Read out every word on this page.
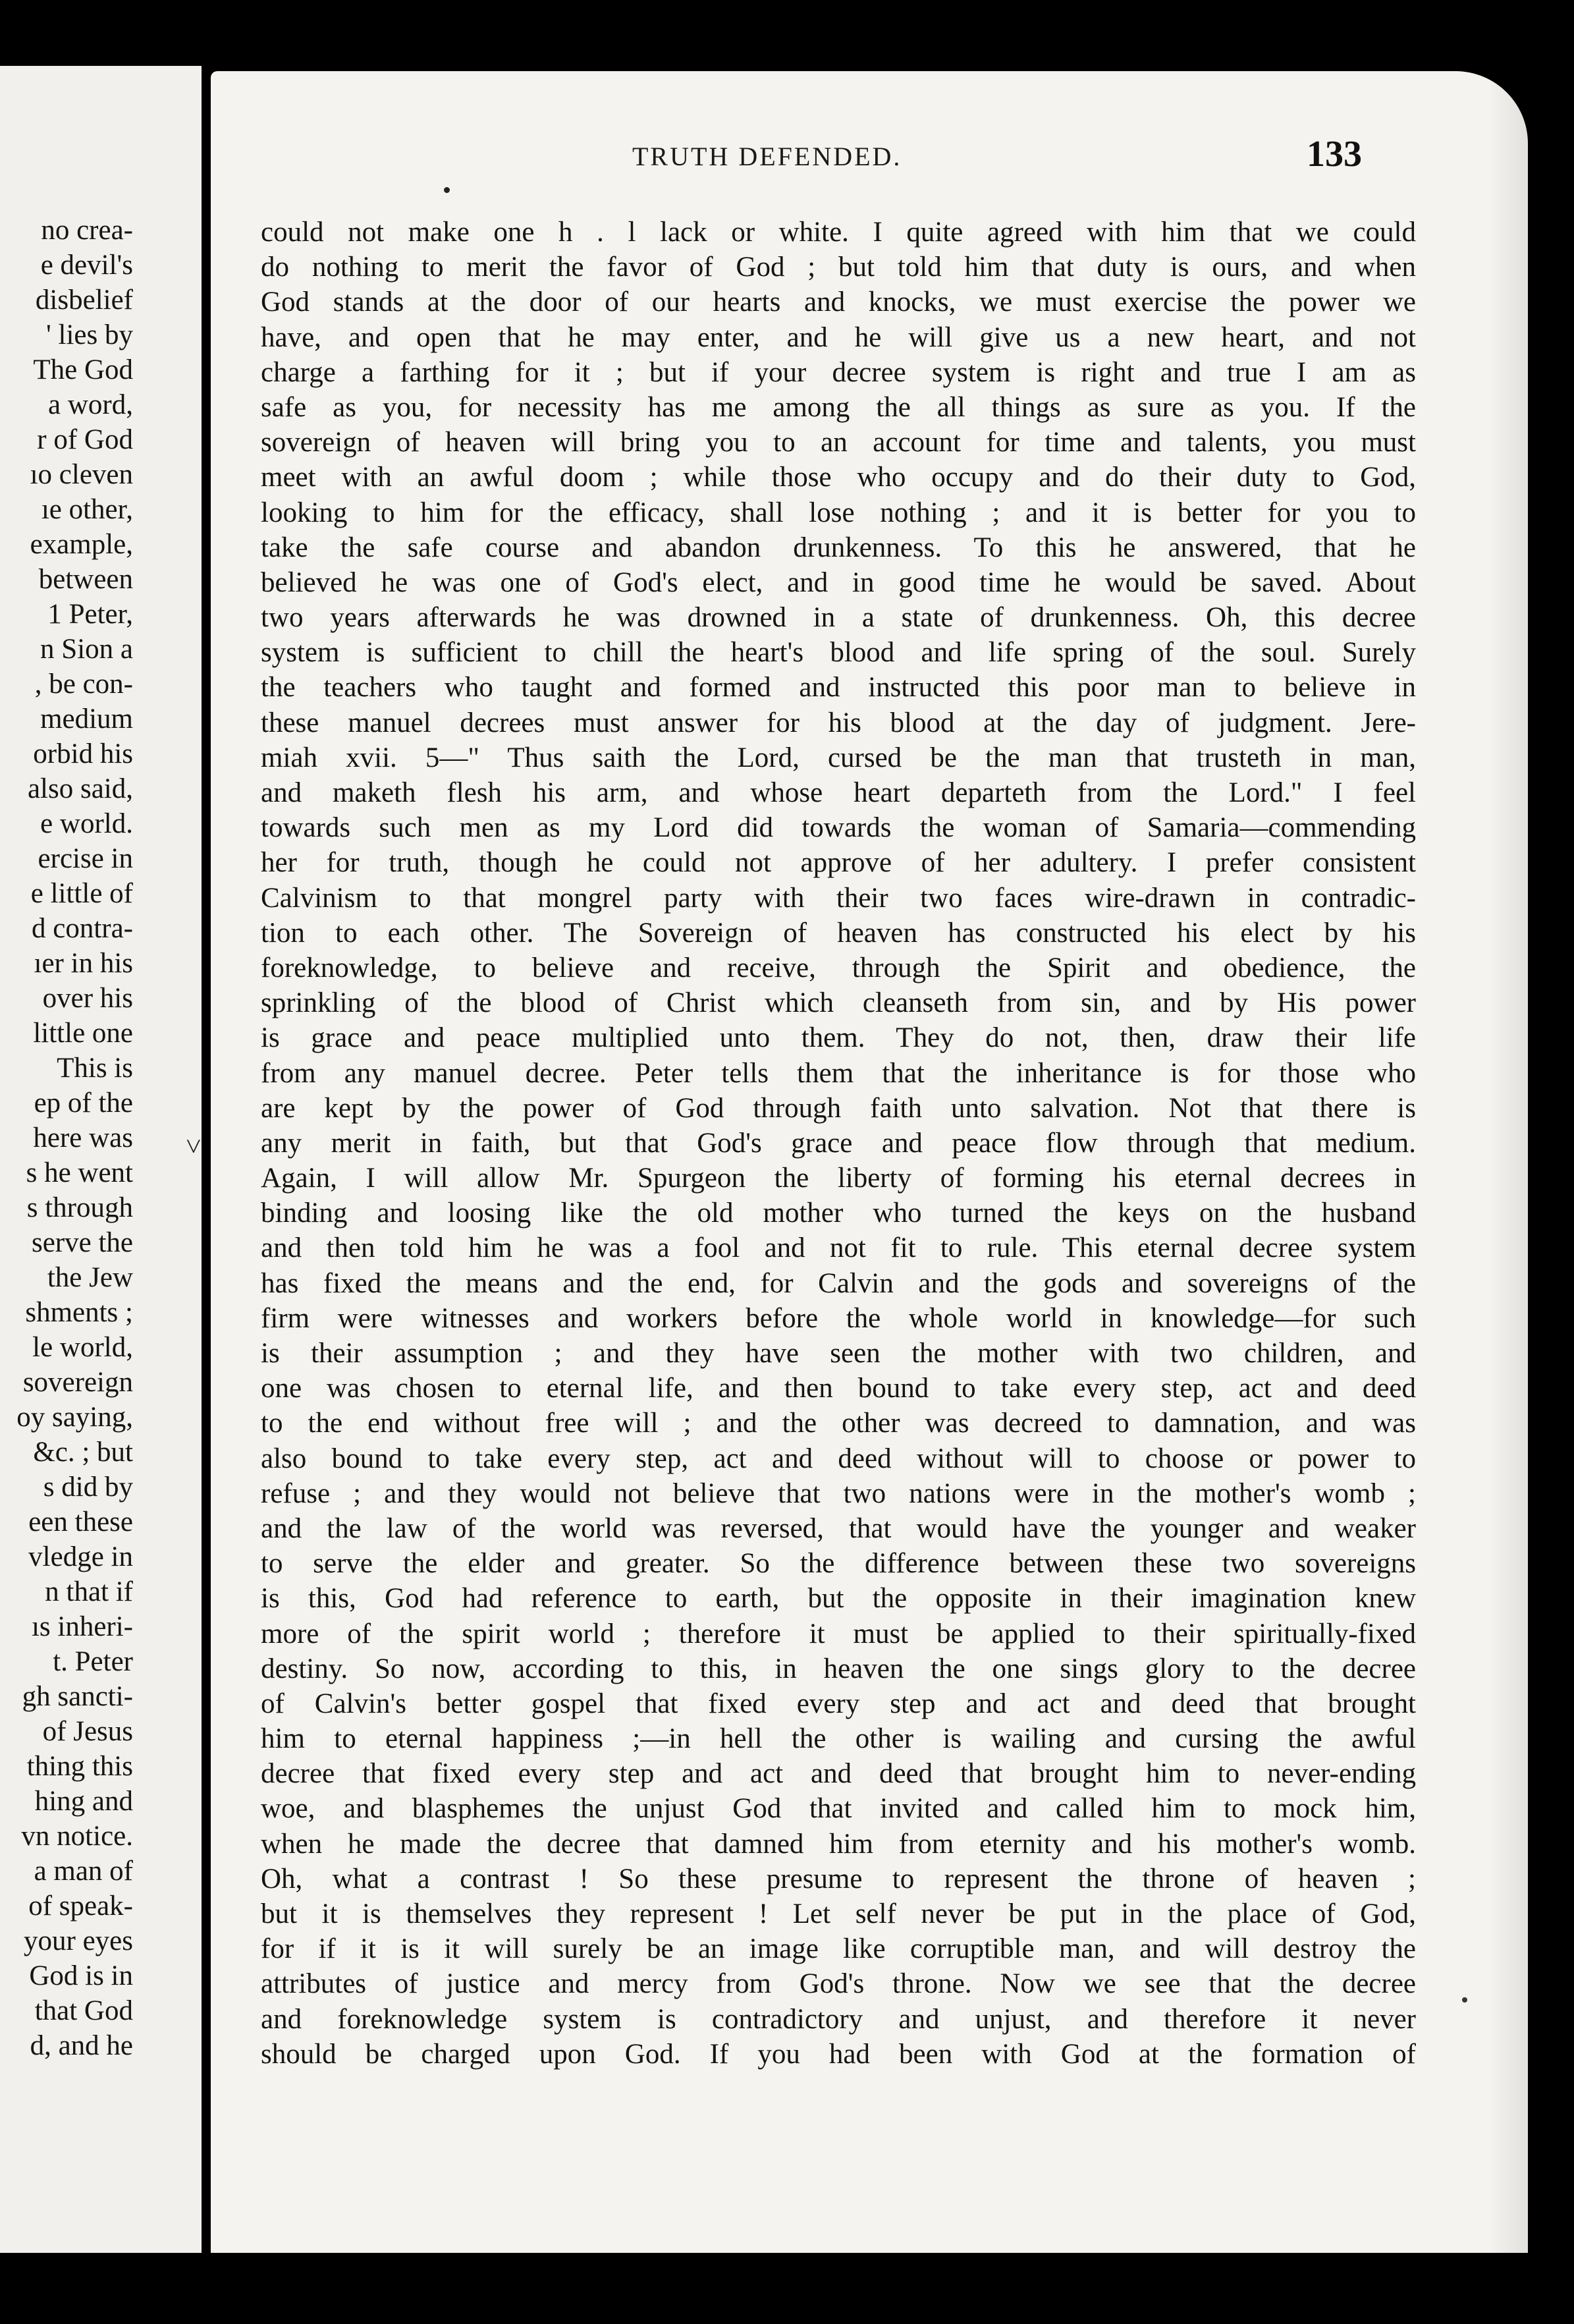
no crea-
e devil's
disbelief
' lies by
The God
a word,
r of God
ıo cleven
ıe other,
example,
between
1 Peter,
n Sion a
, be con-
medium
orbid his
also said,
e world.
ercise in
e little of
d contra-
ıer in his
over his
little one
This is
ep of the
here was
s he went
s through
serve the
the Jew
shments ;
le world,
sovereign
oy saying,
&c. ; but
s did by
een these
vledge in
n that if
ıs inheri-
t. Peter
gh sancti-
of Jesus
thing this
hing and
vn notice.
a man of
of speak-
your eyes
God is in
that God
d, and he
˅
TRUTH DEFENDED.	133
could not make one h . l lack or white. I quite agreed with him that we could
do nothing to merit the favor of God ; but told him that duty is ours, and when
God stands at the door of our hearts and knocks, we must exercise the power we
have, and open that he may enter, and he will give us a new heart, and not
charge a farthing for it ; but if your decree system is right and true I am as
safe as you, for necessity has me among the all things as sure as you. If the
sovereign of heaven will bring you to an account for time and talents, you must
meet with an awful doom ; while those who occupy and do their duty to God,
looking to him for the efficacy, shall lose nothing ; and it is better for you to
take the safe course and abandon drunkenness. To this he answered, that he
believed he was one of God's elect, and in good time he would be saved. About
two years afterwards he was drowned in a state of drunkenness. Oh, this decree
system is sufficient to chill the heart's blood and life spring of the soul. Surely
the teachers who taught and formed and instructed this poor man to believe in
these manuel decrees must answer for his blood at the day of judgment. Jere-
miah xvii. 5—" Thus saith the Lord, cursed be the man that trusteth in man,
and maketh flesh his arm, and whose heart departeth from the Lord." I feel
towards such men as my Lord did towards the woman of Samaria—commending
her for truth, though he could not approve of her adultery. I prefer consistent
Calvinism to that mongrel party with their two faces wire-drawn in contradic-
tion to each other. The Sovereign of heaven has constructed his elect by his
foreknowledge, to believe and receive, through the Spirit and obedience, the
sprinkling of the blood of Christ which cleanseth from sin, and by His power
is grace and peace multiplied unto them. They do not, then, draw their life
from any manuel decree. Peter tells them that the inheritance is for those who
are kept by the power of God through faith unto salvation. Not that there is
any merit in faith, but that God's grace and peace flow through that medium.
Again, I will allow Mr. Spurgeon the liberty of forming his eternal decrees in
binding and loosing like the old mother who turned the keys on the husband
and then told him he was a fool and not fit to rule. This eternal decree system
has fixed the means and the end, for Calvin and the gods and sovereigns of the
firm were witnesses and workers before the whole world in knowledge—for such
is their assumption ; and they have seen the mother with two children, and
one was chosen to eternal life, and then bound to take every step, act and deed
to the end without free will ; and the other was decreed to damnation, and was
also bound to take every step, act and deed without will to choose or power to
refuse ; and they would not believe that two nations were in the mother's womb ;
and the law of the world was reversed, that would have the younger and weaker
to serve the elder and greater. So the difference between these two sovereigns
is this, God had reference to earth, but the opposite in their imagination knew
more of the spirit world ; therefore it must be applied to their spiritually-fixed
destiny. So now, according to this, in heaven the one sings glory to the decree
of Calvin's better gospel that fixed every step and act and deed that brought
him to eternal happiness ;—in hell the other is wailing and cursing the awful
decree that fixed every step and act and deed that brought him to never-ending
woe, and blasphemes the unjust God that invited and called him to mock him,
when he made the decree that damned him from eternity and his mother's womb.
Oh, what a contrast ! So these presume to represent the throne of heaven ;
but it is themselves they represent ! Let self never be put in the place of God,
for if it is it will surely be an image like corruptible man, and will destroy the
attributes of justice and mercy from God's throne. Now we see that the decree
and foreknowledge system is contradictory and unjust, and therefore it never
should be charged upon God. If you had been with God at the formation of
